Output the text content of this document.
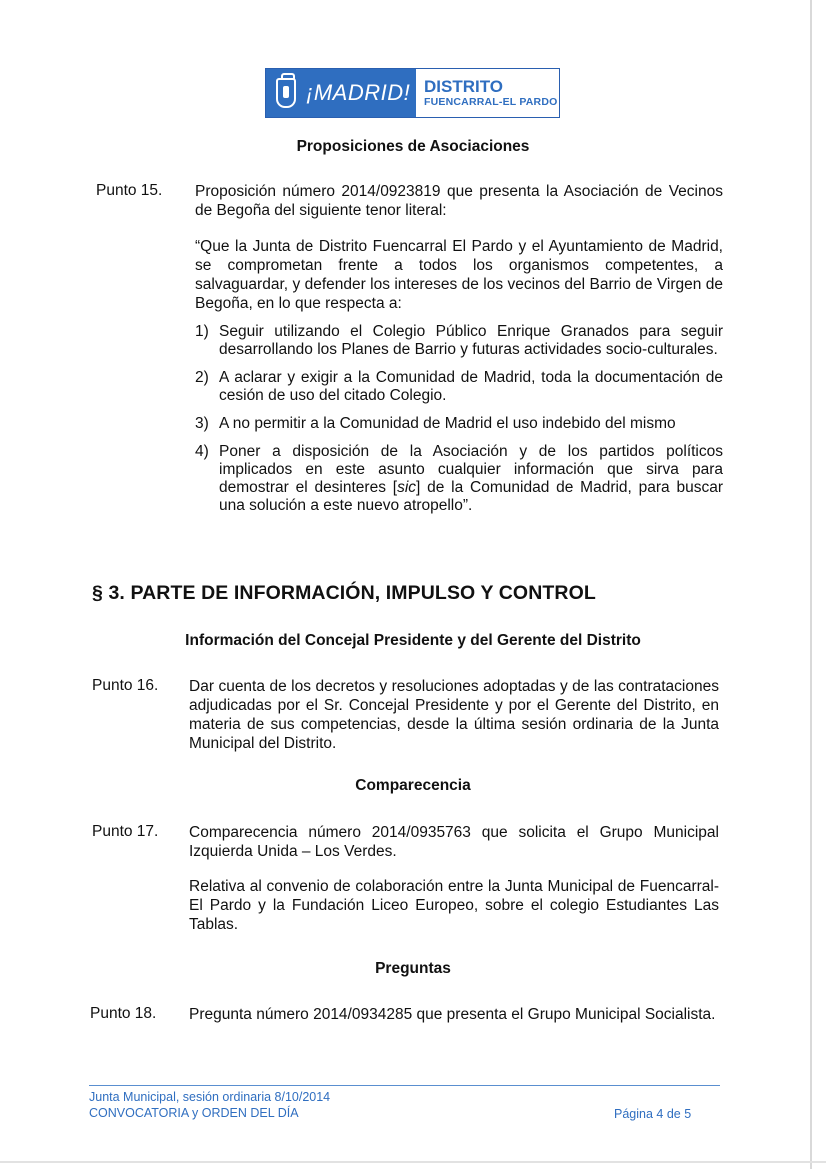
¡MADRID! DISTRITO
FUENCARRAL-EL PARDO
Proposiciones de Asociaciones
Punto 15. Proposición número 2014/0923819 que presenta la Asociación de Vecinos de Begoña del siguiente tenor literal:
“Que la Junta de Distrito Fuencarral El Pardo y el Ayuntamiento de Madrid, se comprometan frente a todos los organismos competentes, a salvaguardar, y defender los intereses de los vecinos del Barrio de Virgen de Begoña, en lo que respecta a:
1) Seguir utilizando el Colegio Público Enrique Granados para seguir desarrollando los Planes de Barrio y futuras actividades socio-culturales.
2) A aclarar y exigir a la Comunidad de Madrid, toda la documentación de cesión de uso del citado Colegio.
3) A no permitir a la Comunidad de Madrid el uso indebido del mismo
4) Poner a disposición de la Asociación y de los partidos políticos implicados en este asunto cualquier información que sirva para demostrar el desinteres [sic] de la Comunidad de Madrid, para buscar una solución a este nuevo atropello”.
§ 3. PARTE DE INFORMACIÓN, IMPULSO Y CONTROL
Información del Concejal Presidente y del Gerente del Distrito
Punto 16. Dar cuenta de los decretos y resoluciones adoptadas y de las contrataciones adjudicadas por el Sr. Concejal Presidente y por el Gerente del Distrito, en materia de sus competencias, desde la última sesión ordinaria de la Junta Municipal del Distrito.
Comparecencia
Punto 17. Comparecencia número 2014/0935763 que solicita el Grupo Municipal Izquierda Unida – Los Verdes.
Relativa al convenio de colaboración entre la Junta Municipal de Fuencarral-El Pardo y la Fundación Liceo Europeo, sobre el colegio Estudiantes Las Tablas.
Preguntas
Punto 18. Pregunta número 2014/0934285 que presenta el Grupo Municipal Socialista.
Junta Municipal, sesión ordinaria 8/10/2014
CONVOCATORIA y ORDEN DEL DÍA	Página 4 de 5
